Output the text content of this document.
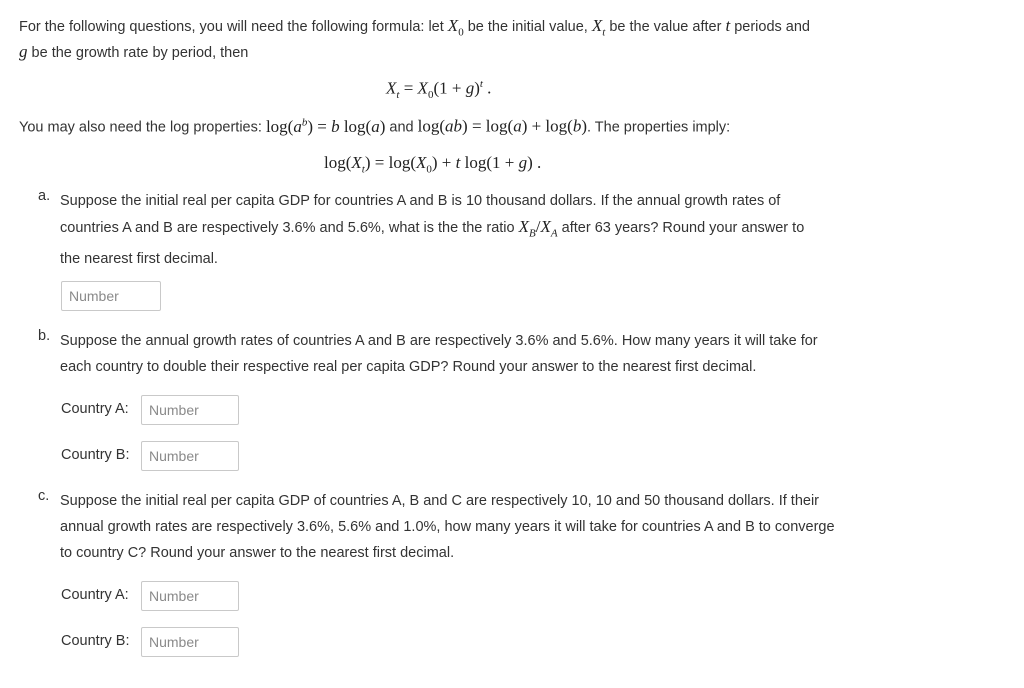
For the following questions, you will need the following formula: let $X_0$ be the initial value, $X_t$ be the value after t periods and
g be the growth rate by period, then
$X_t = X_0(1 + g)^t$ .
You may also need the log properties: $\log(a^b) = b$ log(a) and log(ab) = log(a) + log(b). The properties imply:
$\log(X_t) = \log(X_0) + t$ log(1 + g) .
a. Suppose the initial real per capita GDP for countries A and B is 10 thousand dollars. If the annual growth rates of
countries A and B are respectively 3.6% and 5.6%, what is the the ratio $X_B/X_A$ after 63 years? Round your answer to
the nearest first decimal.
Number
b. Suppose the annual growth rates of countries A and B are respectively 3.6% and 5.6%. How many years it will take for
each country to double their respective real per capita GDP? Round your answer to the nearest first decimal.
Country A:
Number
Country B:
Number
c. Suppose the initial real per capita GDP of countries A, B and C are respectively 10, 10 and 50 thousand dollars. If their
annual growth rates are respectively 3.6%, 5.6% and 1.0%, how many years it will take for countries A and B to converge
to country C? Round your answer to the nearest first decimal.
Country A:
Number
Country B:
Number
